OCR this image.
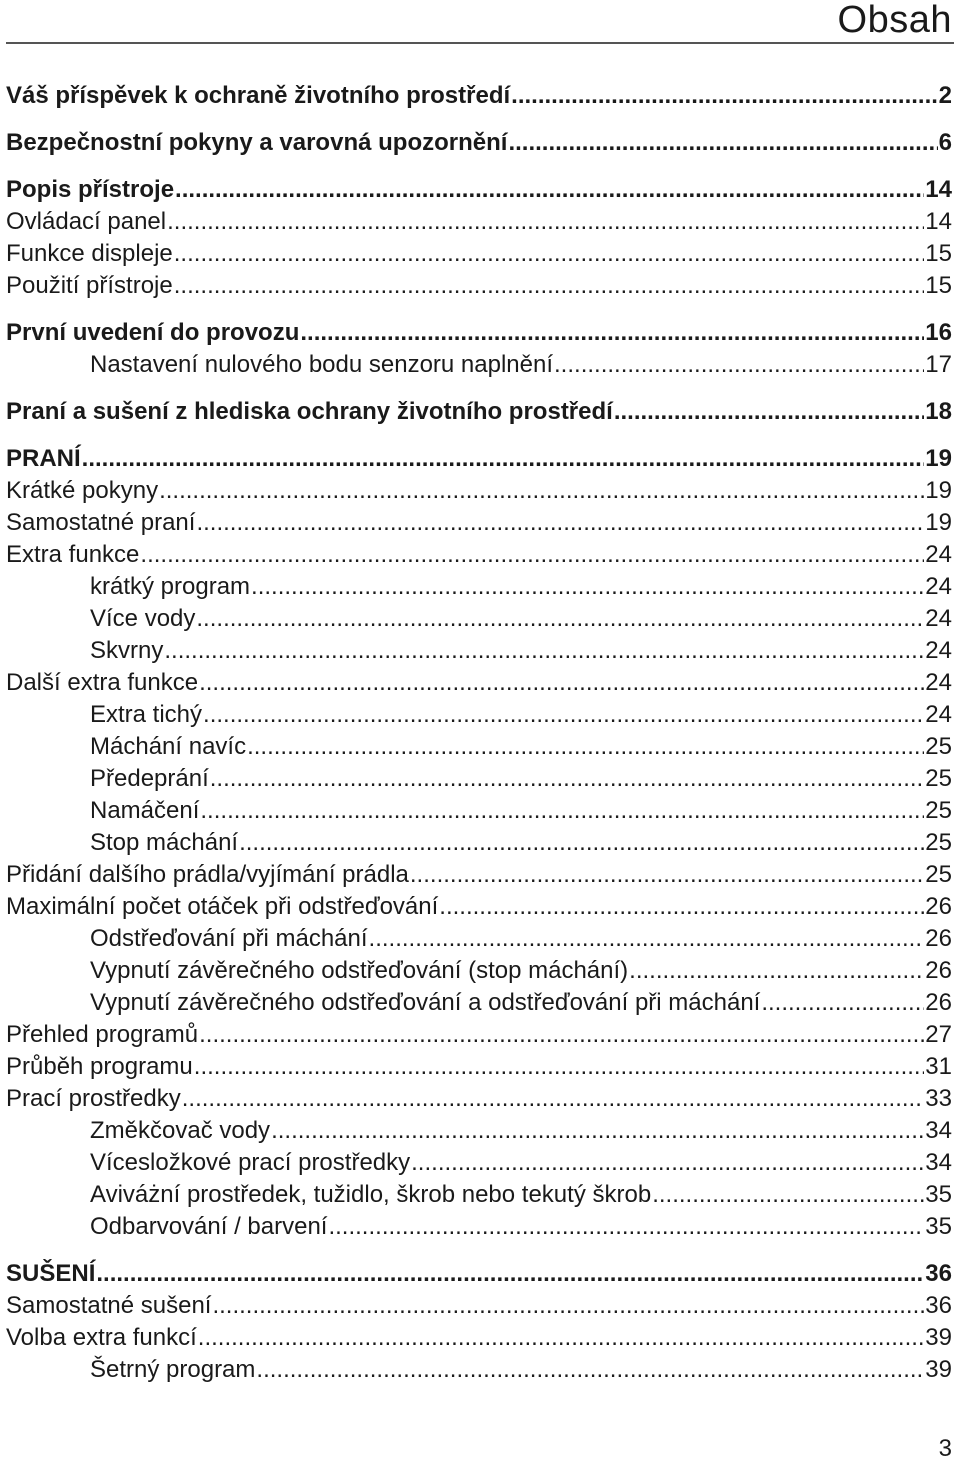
Obsah
Váš příspěvek k ochraně životního prostředí .....	2
Bezpečnostní pokyny a varovná upozornění .....	6
Popis přístroje .....	14
Ovládací panel .....	14
Funkce displeje .....	15
Použití přístroje .....	15
První uvedení do provozu .....	16
Nastavení nulového bodu senzoru naplnění .....	17
Praní a sušení z hlediska ochrany životního prostředí .....	18
PRANÍ .....	19
Krátké pokyny .....	19
Samostatné praní .....	19
Extra funkce .....	24
krátký program .....	24
Více vody .....	24
Skvrny .....	24
Další extra funkce .....	24
Extra tichý .....	24
Máchání navíc .....	25
Předeprání .....	25
Namáčení .....	25
Stop máchání .....	25
Přidání dalšího prádla/vyjímání prádla .....	25
Maximální počet otáček při odstřeďování .....	26
Odstřeďování při máchání .....	26
Vypnutí závěrečného odstřeďování (stop máchání) .....	26
Vypnutí závěrečného odstřeďování a odstřeďování při máchání .....	26
Přehled programů .....	27
Průběh programu .....	31
Prací prostředky .....	33
Změkčovač vody .....	34
Vícesložkové prací prostředky .....	34
Aviváżní prostředek, tužidlo, škrob nebo tekutý škrob .....	35
Odbarvování / barvení .....	35
SUŠENÍ .....	36
Samostatné sušení .....	36
Volba extra funkcí .....	39
Šetrný program .....	39
3
